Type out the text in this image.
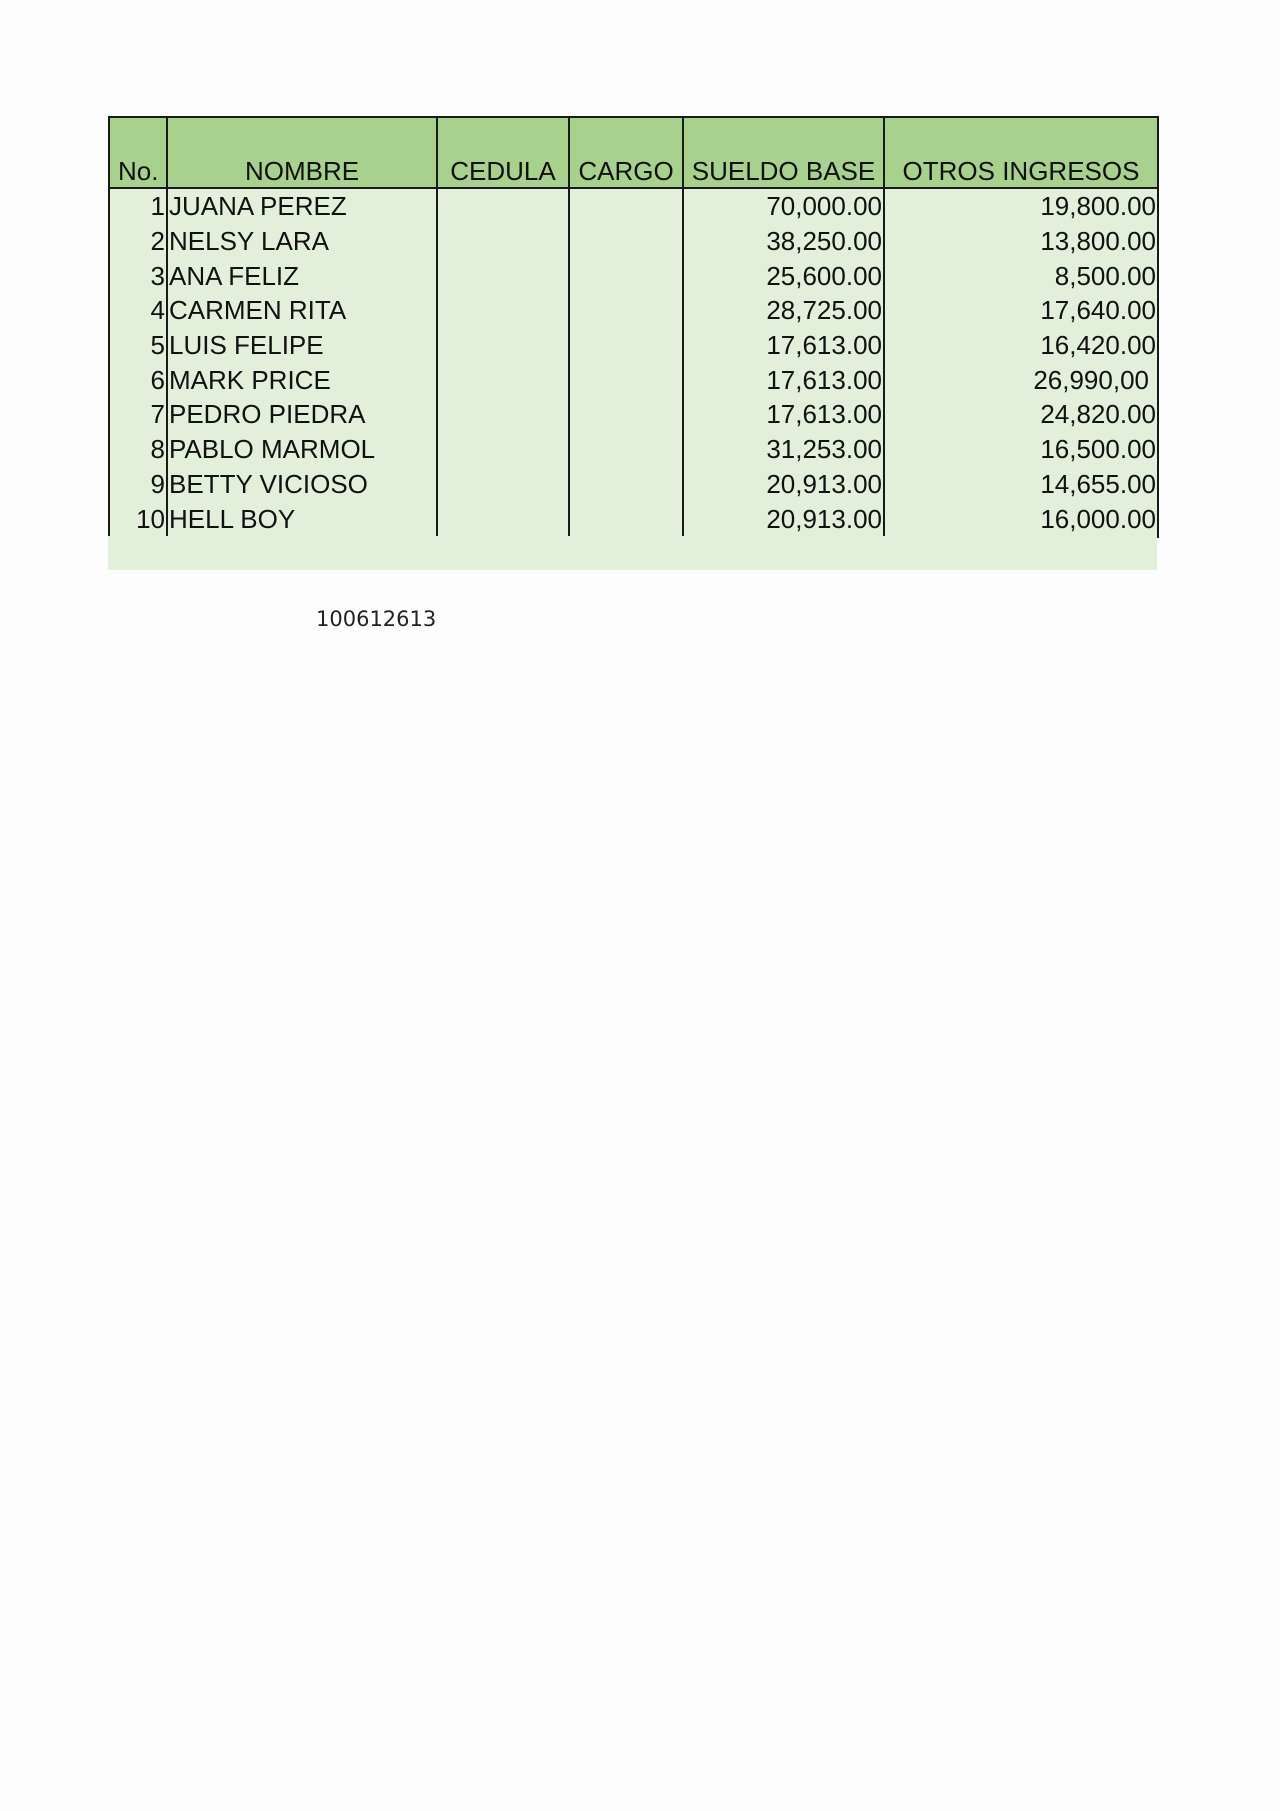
No.	NOMBRE	CEDULA	CARGO	SUELDO BASE	OTROS INGRESOS
1	JUANA PEREZ			70,000.00	19,800.00
2	NELSY LARA			38,250.00	13,800.00
3	ANA FELIZ			25,600.00	8,500.00
4	CARMEN RITA			28,725.00	17,640.00
5	LUIS FELIPE			17,613.00	16,420.00
6	MARK PRICE			17,613.00	26,990,00
7	PEDRO PIEDRA			17,613.00	24,820.00
8	PABLO MARMOL			31,253.00	16,500.00
9	BETTY VICIOSO			20,913.00	14,655.00
10	HELL BOY			20,913.00	16,000.00
100612613
